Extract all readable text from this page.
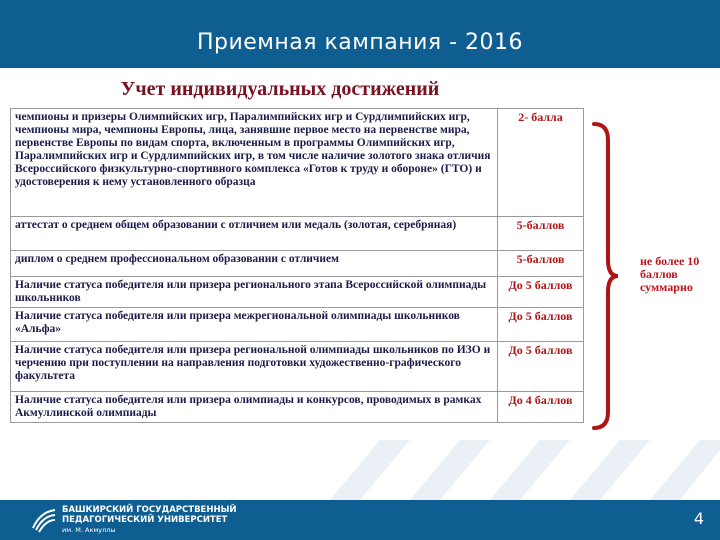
Приемная кампания - 2016
Учет индивидуальных достижений
чемпионы и призеры Олимпийских игр, Паралимпийских игр и Сурдлимпийских игр, чемпионы мира, чемпионы Европы, лица, занявшие первое место на первенстве мира, первенстве Европы по видам спорта, включенным в программы Олимпийских игр, Паралимпийских игр и Сурдлимпийских игр, в том числе наличие золотого знака отличия Всероссийского физкультурно-спортивного комплекса «Готов к труду и обороне» (ГТО) и удостоверения к нему установленного образца	2- балла
аттестат о среднем общем образовании с отличием или медаль (золотая, серебряная)	5-баллов
диплом о среднем профессиональном образовании с отличием	5-баллов
Наличие статуса победителя или призера регионального этапа Всероссийской олимпиады школьников	До 5 баллов
Наличие статуса победителя или призера межрегиональной олимпиады школьников «Альфа»	До 5 баллов
Наличие статуса победителя или призера региональной олимпиады школьников по ИЗО и черчению при поступлении на направления подготовки художественно-графического факультета	До 5 баллов
Наличие статуса победителя или призера олимпиады и конкурсов, проводимых в рамках Акмуллинской олимпиады	До 4 баллов
не более 10 баллов суммарно
БАШКИРСКИЙ ГОСУДАРСТВЕННЫЙ
ПЕДАГОГИЧЕСКИЙ УНИВЕРСИТЕТ
им. М. Акмуллы
4
